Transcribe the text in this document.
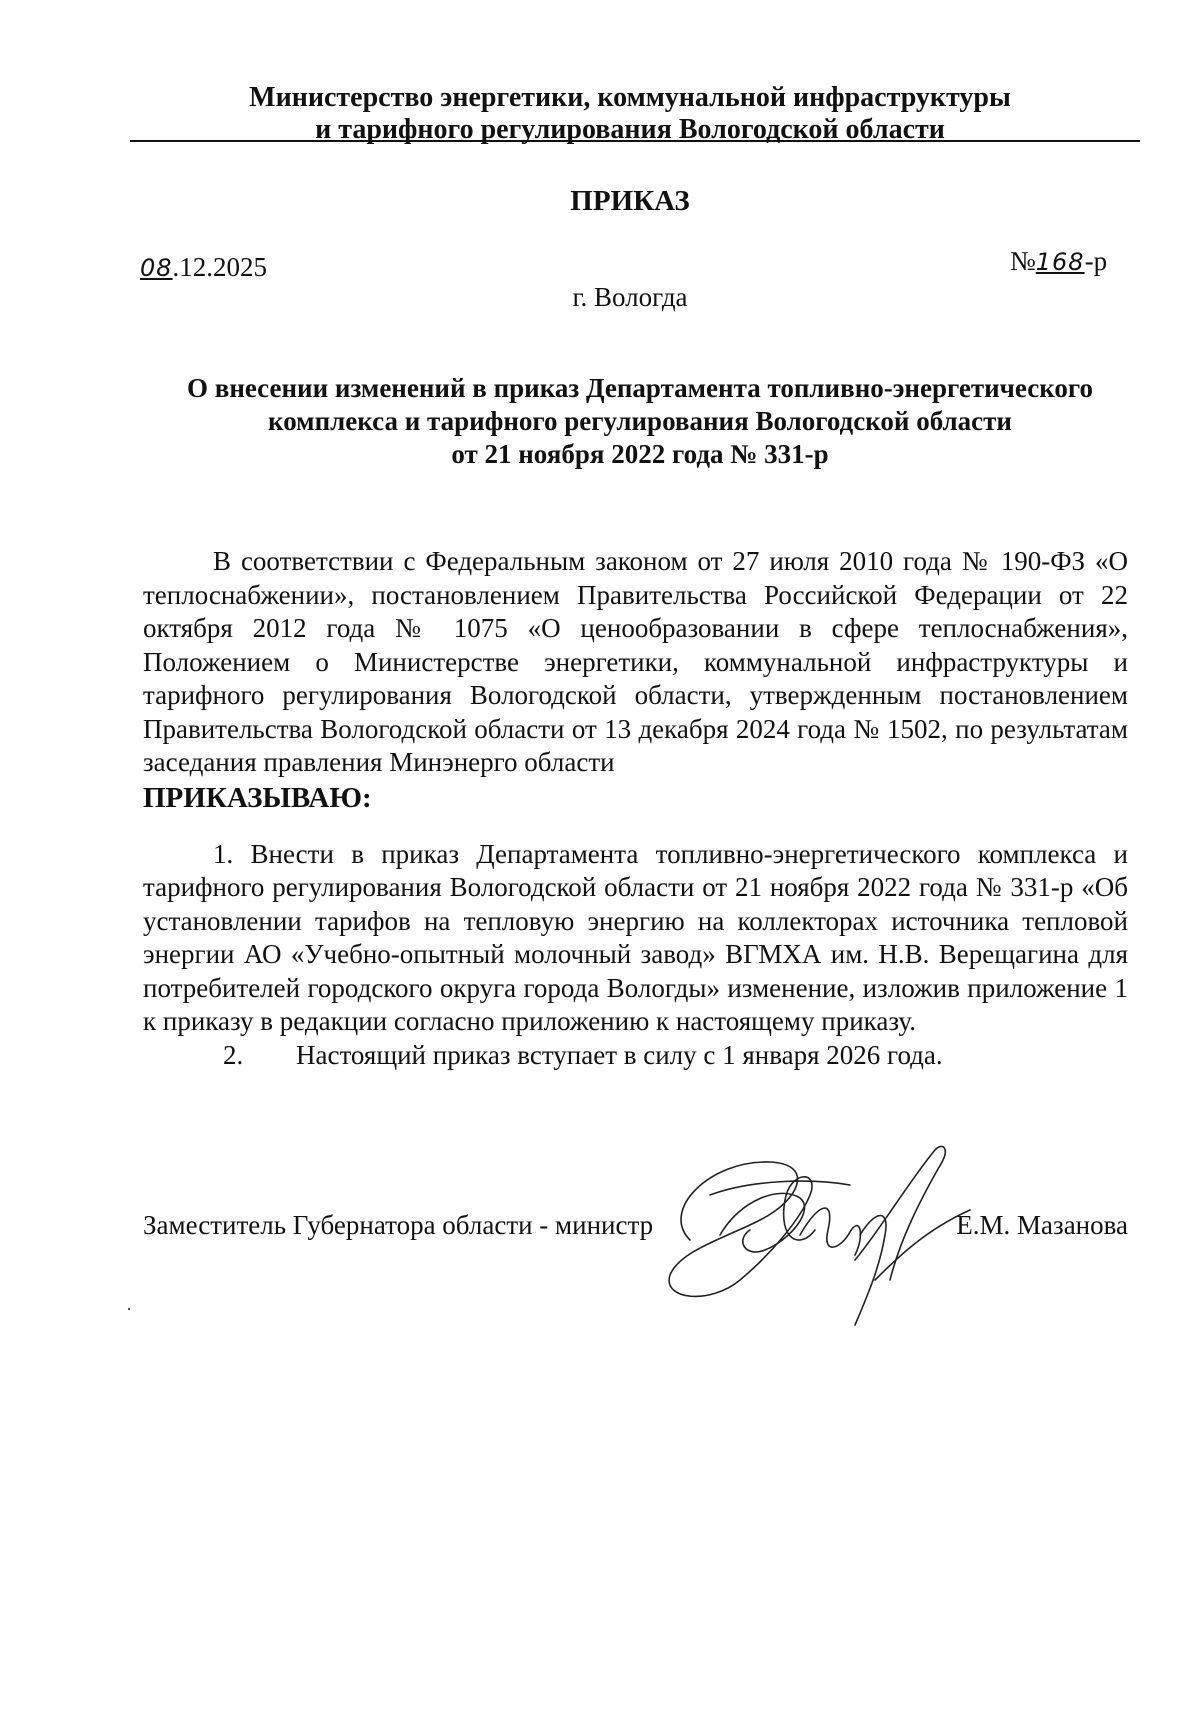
Министерство энергетики, коммунальной инфраструктуры
и тарифного регулирования Вологодской области
ПРИКАЗ
08.12.2025	№168-р
г. Вологда
О внесении изменений в приказ Департамента топливно-энергетического
комплекса и тарифного регулирования Вологодской области
от 21 ноября 2022 года № 331-р

В соответствии с Федеральным законом от 27 июля 2010 года № 190-ФЗ «О теплоснабжении», постановлением Правительства Российской Федерации от 22 октября 2012 года № 1075 «О ценообразовании в сфере теплоснабжения», Положением о Министерстве энергетики, коммунальной инфраструктуры и тарифного регулирования Вологодской области, утвержденным постановлением Правительства Вологодской области от 13 декабря 2024 года № 1502, по результатам заседания правления Минэнерго области

ПРИКАЗЫВАЮ:

1. Внести в приказ Департамента топливно-энергетического комплекса и тарифного регулирования Вологодской области от 21 ноября 2022 года № 331-р «Об установлении тарифов на тепловую энергию на коллекторах источника тепловой энергии АО «Учебно-опытный молочный завод» ВГМХА им. Н.В. Верещагина для потребителей городского округа города Вологды» изменение, изложив приложение 1 к приказу в редакции согласно приложению к настоящему приказу.

2.	Настоящий приказ вступает в силу с 1 января 2026 года.
Заместитель Губернатора области - министр	Е.М. Мазанова
